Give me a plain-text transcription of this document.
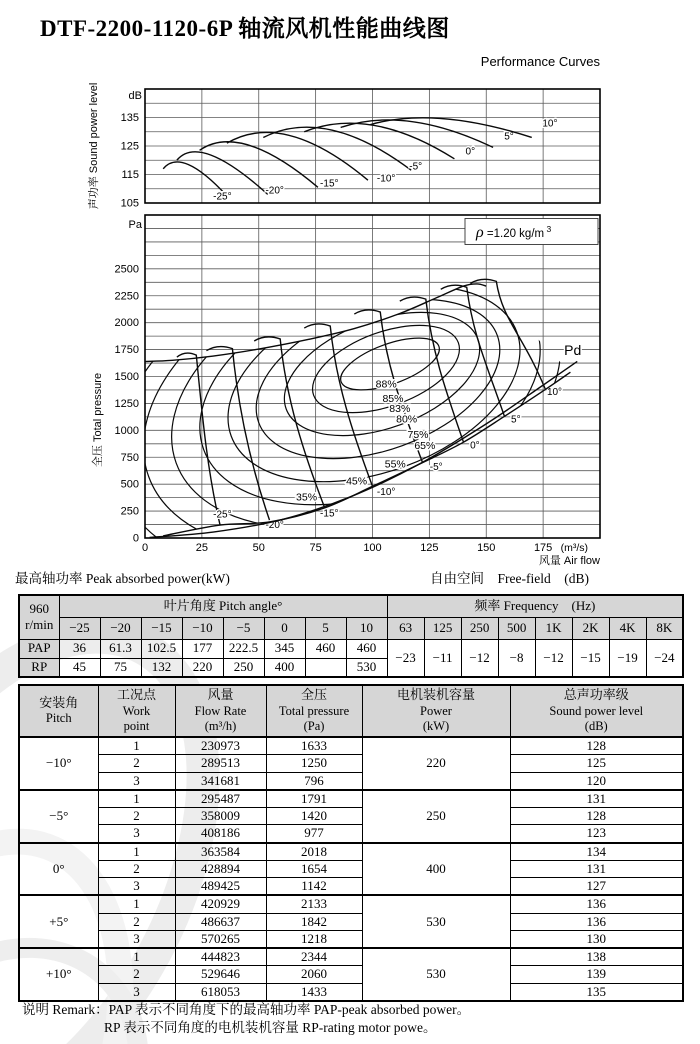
DTF-2200-1120-6P 轴流风机性能曲线图
Performance Curves
105
115
125
135
dB
声功率 Sound power level	-25°
-20°
-15°	-10°
-5°
0°
5°
10°
-25°
-20°
-15°
-10°
-5°
0°
5°
10°
Pd
88%
85%
83%
80%
75%
65%
55%
45%
35%
ρ =1.20 kg/m $^3$
0
250
500
750
1000
1250
1500
1750
2000
2250
2500
Pa
0	25	50	75	100	125	150	175 (m³/s)
风量 Air flow
全压 Total pressure
最高轴功率 Peak absorbed power(kW)	自由空间　Free-field　(dB)
960
r/min	叶片角度 Pitch angle°								频率 Frequency　(Hz)							
	−25	−20	−15	−10	−5	0	5	10	63	125	250	500	1K	2K	4K	8K
PAP	36	61.3	102.5	177	222.5	345	460	460	−23	−11	−12	−8	−12	−15	−19	−24
RP	45	75	132	220	250	400		530								
安装角
Pitch

工况点
Work
point

风量
Flow Rate
(m³/h)

全压
Total pressure
(Pa)

电机装机容量
Power
(kW)

总声功率级
Sound power level
(dB)

−10°	1	230973	1633	220	128
	2	289513	1250		125
	3	341681	796		120
−5°	1	295487	1791	250	131
	2	358009	1420		128
	3	408186	977		123
0°	1	363584	2018	400	134
	2	428894	1654		131
	3	489425	1142		127
+5°	1	420929	2133	530	136
	2	486637	1842		136
	3	570265	1218		130
+10°	1	444823	2344	530	138
	2	529646	2060		139
	3	618053	1433		135
说明 Remark：PAP 表示不同角度下的最高轴功率 PAP-peak absorbed power。
RP 表示不同角度的电机装机容量 RP-rating motor powe。
